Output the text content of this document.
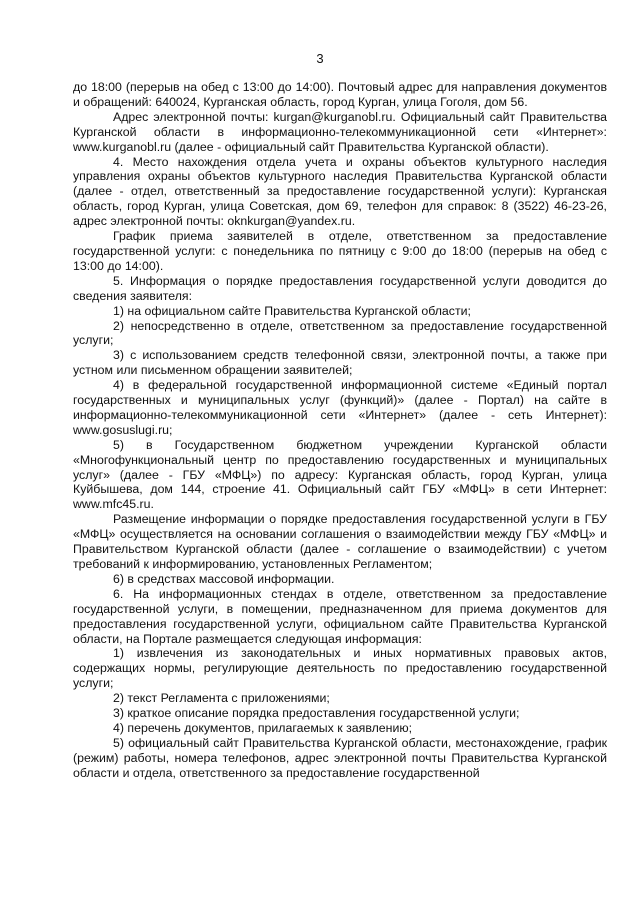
3

до 18:00 (перерыв на обед с 13:00 до 14:00). Почтовый адрес для направления документов и обращений: 640024, Курганская область, город Курган, улица Гоголя, дом 56.

Адрес электронной почты: kurgan@kurganobl.ru. Официальный сайт Правительства Курганской области в информационно-телекоммуникационной сети «Интернет»: www.kurganobl.ru (далее - официальный сайт Правительства Курганской области).

4. Место нахождения отдела учета и охраны объектов культурного наследия управления охраны объектов культурного наследия Правительства Курганской области (далее - отдел, ответственный за предоставление государственной услуги): Курганская область, город Курган, улица Советская, дом 69, телефон для справок: 8 (3522) 46-23-26, адрес электронной почты: oknkurgan@yandex.ru.

График приема заявителей в отделе, ответственном за предоставление государственной услуги: с понедельника по пятницу с 9:00 до 18:00 (перерыв на обед с 13:00 до 14:00).

5. Информация о порядке предоставления государственной услуги доводится до сведения заявителя:

1) на официальном сайте Правительства Курганской области;

2) непосредственно в отделе, ответственном за предоставление государственной услуги;

3) с использованием средств телефонной связи, электронной почты, а также при устном или письменном обращении заявителей;

4) в федеральной государственной информационной системе «Единый портал государственных и муниципальных услуг (функций)» (далее - Портал) на сайте в информационно-телекоммуникационной сети «Интернет» (далее - сеть Интернет): www.gosuslugi.ru;

5) в Государственном бюджетном учреждении Курганской области «Многофункциональный центр по предоставлению государственных и муниципальных услуг» (далее - ГБУ «МФЦ») по адресу: Курганская область, город Курган, улица Куйбышева, дом 144, строение 41. Официальный сайт ГБУ «МФЦ» в сети Интернет: www.mfc45.ru.

Размещение информации о порядке предоставления государственной услуги в ГБУ «МФЦ» осуществляется на основании соглашения о взаимодействии между ГБУ «МФЦ» и Правительством Курганской области (далее - соглашение о взаимодействии) с учетом требований к информированию, установленных Регламентом;

6) в средствах массовой информации.

6. На информационных стендах в отделе, ответственном за предоставление государственной услуги, в помещении, предназначенном для приема документов для предоставления государственной услуги, официальном сайте Правительства Курганской области, на Портале размещается следующая информация:

1) извлечения из законодательных и иных нормативных правовых актов, содержащих нормы, регулирующие деятельность по предоставлению государственной услуги;

2) текст Регламента с приложениями;

3) краткое описание порядка предоставления государственной услуги;

4) перечень документов, прилагаемых к заявлению;

5) официальный сайт Правительства Курганской области, местонахождение, график (режим) работы, номера телефонов, адрес электронной почты Правительства Курганской области и отдела, ответственного за предоставление государственной
